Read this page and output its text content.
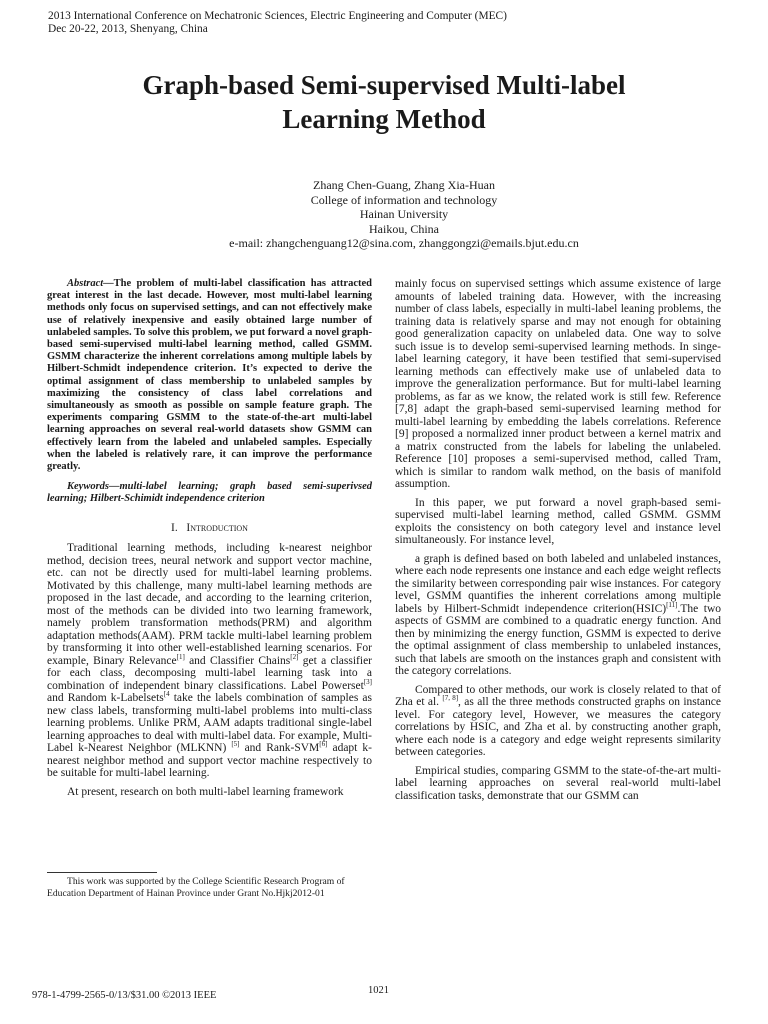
2013 International Conference on Mechatronic Sciences, Electric Engineering and Computer (MEC)
Dec 20-22, 2013, Shenyang, China
Graph-based Semi-supervised Multi-label
Learning Method
Zhang Chen-Guang, Zhang Xia-Huan
College of information and technology
Hainan University
Haikou, China
e-mail: zhangchenguang12@sina.com, zhanggongzi@emails.bjut.edu.cn

Abstract—The problem of multi-label classification has attracted great interest in the last decade. However, most multi-label learning methods only focus on supervised settings, and can not effectively make use of relatively inexpensive and easily obtained large number of unlabeled samples. To solve this problem, we put forward a novel graph-based semi-supervised multi-label learning method, called GSMM. GSMM characterize the inherent correlations among multiple labels by Hilbert-Schmidt independence criterion. It’s expected to derive the optimal assignment of class membership to unlabeled samples by maximizing the consistency of class label correlations and simultaneously as smooth as possible on sample feature graph. The experiments comparing GSMM to the state-of-the-art multi-label learning approaches on several real-world datasets show GSMM can effectively learn from the labeled and unlabeled samples. Especially when the labeled is relatively rare, it can improve the performance greatly.

Keywords—multi-label learning; graph based semi-superivsed learning; Hilbert-Schimidt independence criterion

I. Introduction

Traditional learning methods, including k-nearest neighbor method, decision trees, neural network and support vector machine, etc. can not be directly used for multi-label learning problems. Motivated by this challenge, many multi-label learning methods are proposed in the last decade, and according to the learning criterion, most of the methods can be divided into two learning framework, namely problem transformation methods(PRM) and algorithm adaptation methods(AAM). PRM tackle multi-label learning problem by transforming it into other well-established learning scenarios. For example, Binary Relevance[1] and Classifier Chains[2] get a classifier for each class, decomposing multi-label learning task into a combination of independent binary classifications. Label Powerset[3] and Random k-Labelsets$^{[4}$ take the labels combination of samples as new class labels, transforming multi-label problems into multi-class learning problems. Unlike PRM, AAM adapts traditional single-label learning approaches to deal with multi-label data. For example, Multi-Label k-Nearest Neighbor (MLKNN) [5] and Rank-SVM[6] adapt k-nearest neighbor method and support vector machine respectively to be suitable for multi-label learning.

At present, research on both multi-label learning framework

mainly focus on supervised settings which assume existence of large amounts of labeled training data. However, with the increasing number of class labels, especially in multi-label leaning problems, the training data is relatively sparse and may not enough for obtaining good generalization capacity on unlabeled data. One way to solve such issue is to develop semi-supervised learning methods. In singe-label learning category, it have been testified that semi-supervised learning methods can effectively make use of unlabeled data to improve the generalization performance. But for multi-label learning problems, as far as we know, the related work is still few. Reference [7,8] adapt the graph-based semi-supervised learning method for multi-label learning by embedding the labels correlations. Reference [9] proposed a normalized inner product between a kernel matrix and a matrix constructed from the labels for labeling the unlabeled. Reference [10] proposes a semi-supervised method, called Tram, which is similar to random walk method, on the basis of manifold assumption.

In this paper, we put forward a novel graph-based semi-supervised multi-label learning method, called GSMM. GSMM exploits the consistency on both category level and instance level simultaneously. For instance level,

a graph is defined based on both labeled and unlabeled instances, where each node represents one instance and each edge weight reflects the similarity between corresponding pair wise instances. For category level, GSMM quantifies the inherent correlations among multiple labels by Hilbert-Schmidt independence criterion(HSIC)[11].The two aspects of GSMM are combined to a quadratic energy function. And then by minimizing the energy function, GSMM is expected to derive the optimal assignment of class membership to unlabeled instances, such that labels are smooth on the instances graph and consistent with the category correlations.

Compared to other methods, our work is closely related to that of Zha et al. [7, 8], as all the three methods constructed graphs on instance level. For category level, However, we measures the category correlations by HSIC, and Zha et al. by constructing another graph, where each node is a category and edge weight represents similarity between categories.

Empirical studies, comparing GSMM to the state-of-the-art multi-label learning approaches on several real-world multi-label classification tasks, demonstrate that our GSMM can

This work was supported by the College Scientific Research Program of Education Department of Hainan Province under Grant No.Hjkj2012-01
978-1-4799-2565-0/13/$31.00 ©2013 IEEE	1021
